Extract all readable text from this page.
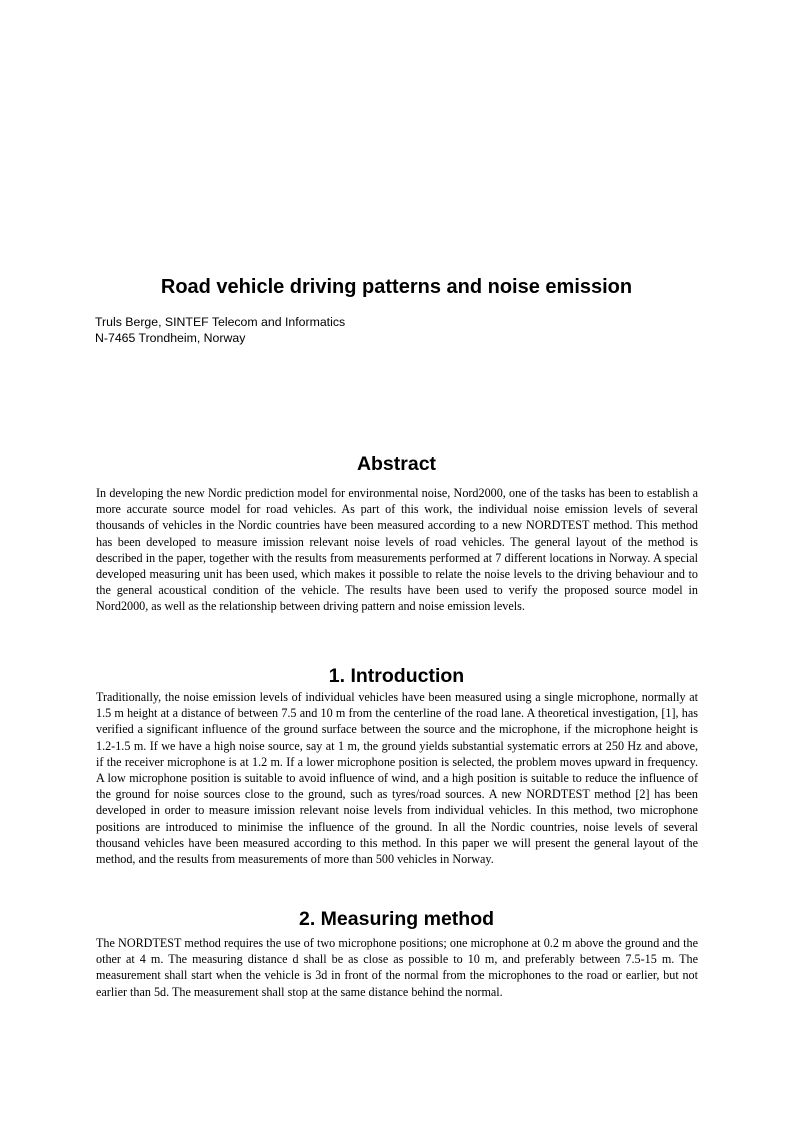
Road vehicle driving patterns and noise emission
Truls Berge, SINTEF Telecom and Informatics
N-7465 Trondheim, Norway
Abstract

In developing the new Nordic prediction model for environmental noise, Nord2000, one of the tasks has been to establish a more accurate source model for road vehicles. As part of this work, the individual noise emission levels of several thousands of vehicles in the Nordic countries have been measured according to a new NORDTEST method. This method has been developed to measure imission relevant noise levels of road vehicles. The general layout of the method is described in the paper, together with the results from measurements performed at 7 different locations in Norway. A special developed measuring unit has been used, which makes it possible to relate the noise levels to the driving behaviour and to the general acoustical condition of the vehicle. The results have been used to verify the proposed source model in Nord2000, as well as the relationship between driving pattern and noise emission levels.

1. Introduction

Traditionally, the noise emission levels of individual vehicles have been measured using a single microphone, normally at 1.5 m height at a distance of between 7.5 and 10 m from the centerline of the road lane. A theoretical investigation, [1], has verified a significant influence of the ground surface between the source and the microphone, if the microphone height is 1.2-1.5 m. If we have a high noise source, say at 1 m, the ground yields substantial systematic errors at 250 Hz and above, if the receiver microphone is at 1.2 m. If a lower microphone position is selected, the problem moves upward in frequency. A low microphone position is suitable to avoid influence of wind, and a high position is suitable to reduce the influence of the ground for noise sources close to the ground, such as tyres/road sources. A new NORDTEST method [2] has been developed in order to measure imission relevant noise levels from individual vehicles. In this method, two microphone positions are introduced to minimise the influence of the ground. In all the Nordic countries, noise levels of several thousand vehicles have been measured according to this method. In this paper we will present the general layout of the method, and the results from measurements of more than 500 vehicles in Norway.

2. Measuring method

The NORDTEST method requires the use of two microphone positions; one microphone at 0.2 m above the ground and the other at 4 m. The measuring distance d shall be as close as possible to 10 m, and preferably between 7.5-15 m. The measurement shall start when the vehicle is 3d in front of the normal from the microphones to the road or earlier, but not earlier than 5d. The measurement shall stop at the same distance behind the normal.
